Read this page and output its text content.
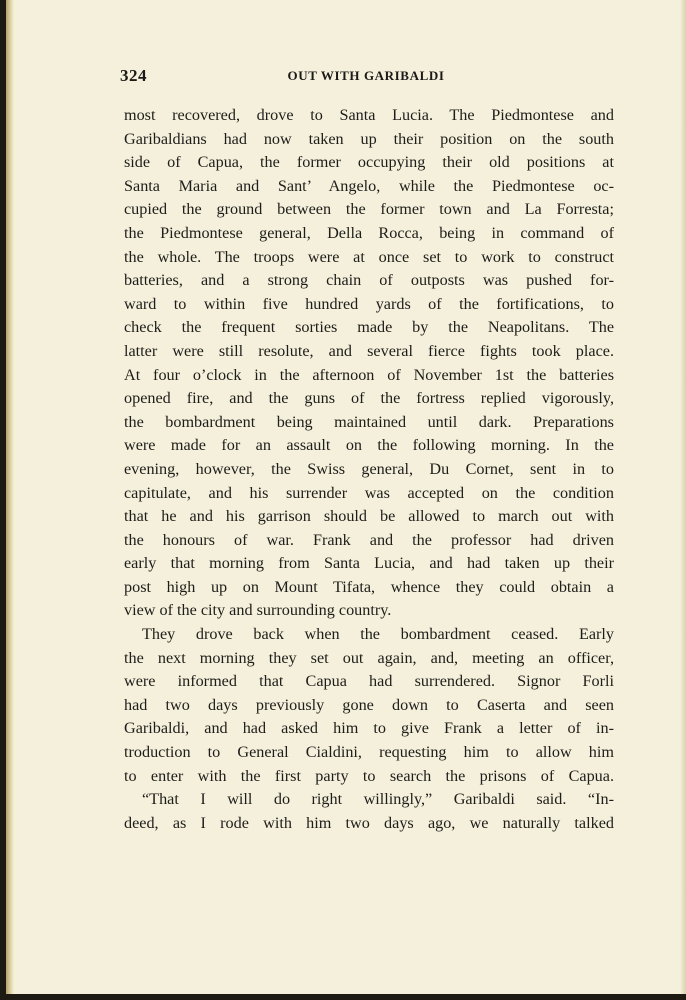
324	OUT WITH GARIBALDI

most recovered, drove to Santa Lucia. The Piedmontese and
Garibaldians had now taken up their position on the south
side of Capua, the former occupying their old positions at
Santa Maria and Sant’ Angelo, while the Piedmontese oc-
cupied the ground between the former town and La Forresta;
the Piedmontese general, Della Rocca, being in command of
the whole. The troops were at once set to work to construct
batteries, and a strong chain of outposts was pushed for-
ward to within five hundred yards of the fortifications, to
check the frequent sorties made by the Neapolitans. The
latter were still resolute, and several fierce fights took place.
At four o’clock in the afternoon of November 1st the batteries
opened fire, and the guns of the fortress replied vigorously,
the bombardment being maintained until dark. Preparations
were made for an assault on the following morning. In the
evening, however, the Swiss general, Du Cornet, sent in to
capitulate, and his surrender was accepted on the condition
that he and his garrison should be allowed to march out with
the honours of war. Frank and the professor had driven
early that morning from Santa Lucia, and had taken up their
post high up on Mount Tifata, whence they could obtain a
view of the city and surrounding country.

They drove back when the bombardment ceased. Early
the next morning they set out again, and, meeting an officer,
were informed that Capua had surrendered. Signor Forli
had two days previously gone down to Caserta and seen
Garibaldi, and had asked him to give Frank a letter of in-
troduction to General Cialdini, requesting him to allow him
to enter with the first party to search the prisons of Capua.
“That I will do right willingly,” Garibaldi said. “In-
deed, as I rode with him two days ago, we naturally talked
